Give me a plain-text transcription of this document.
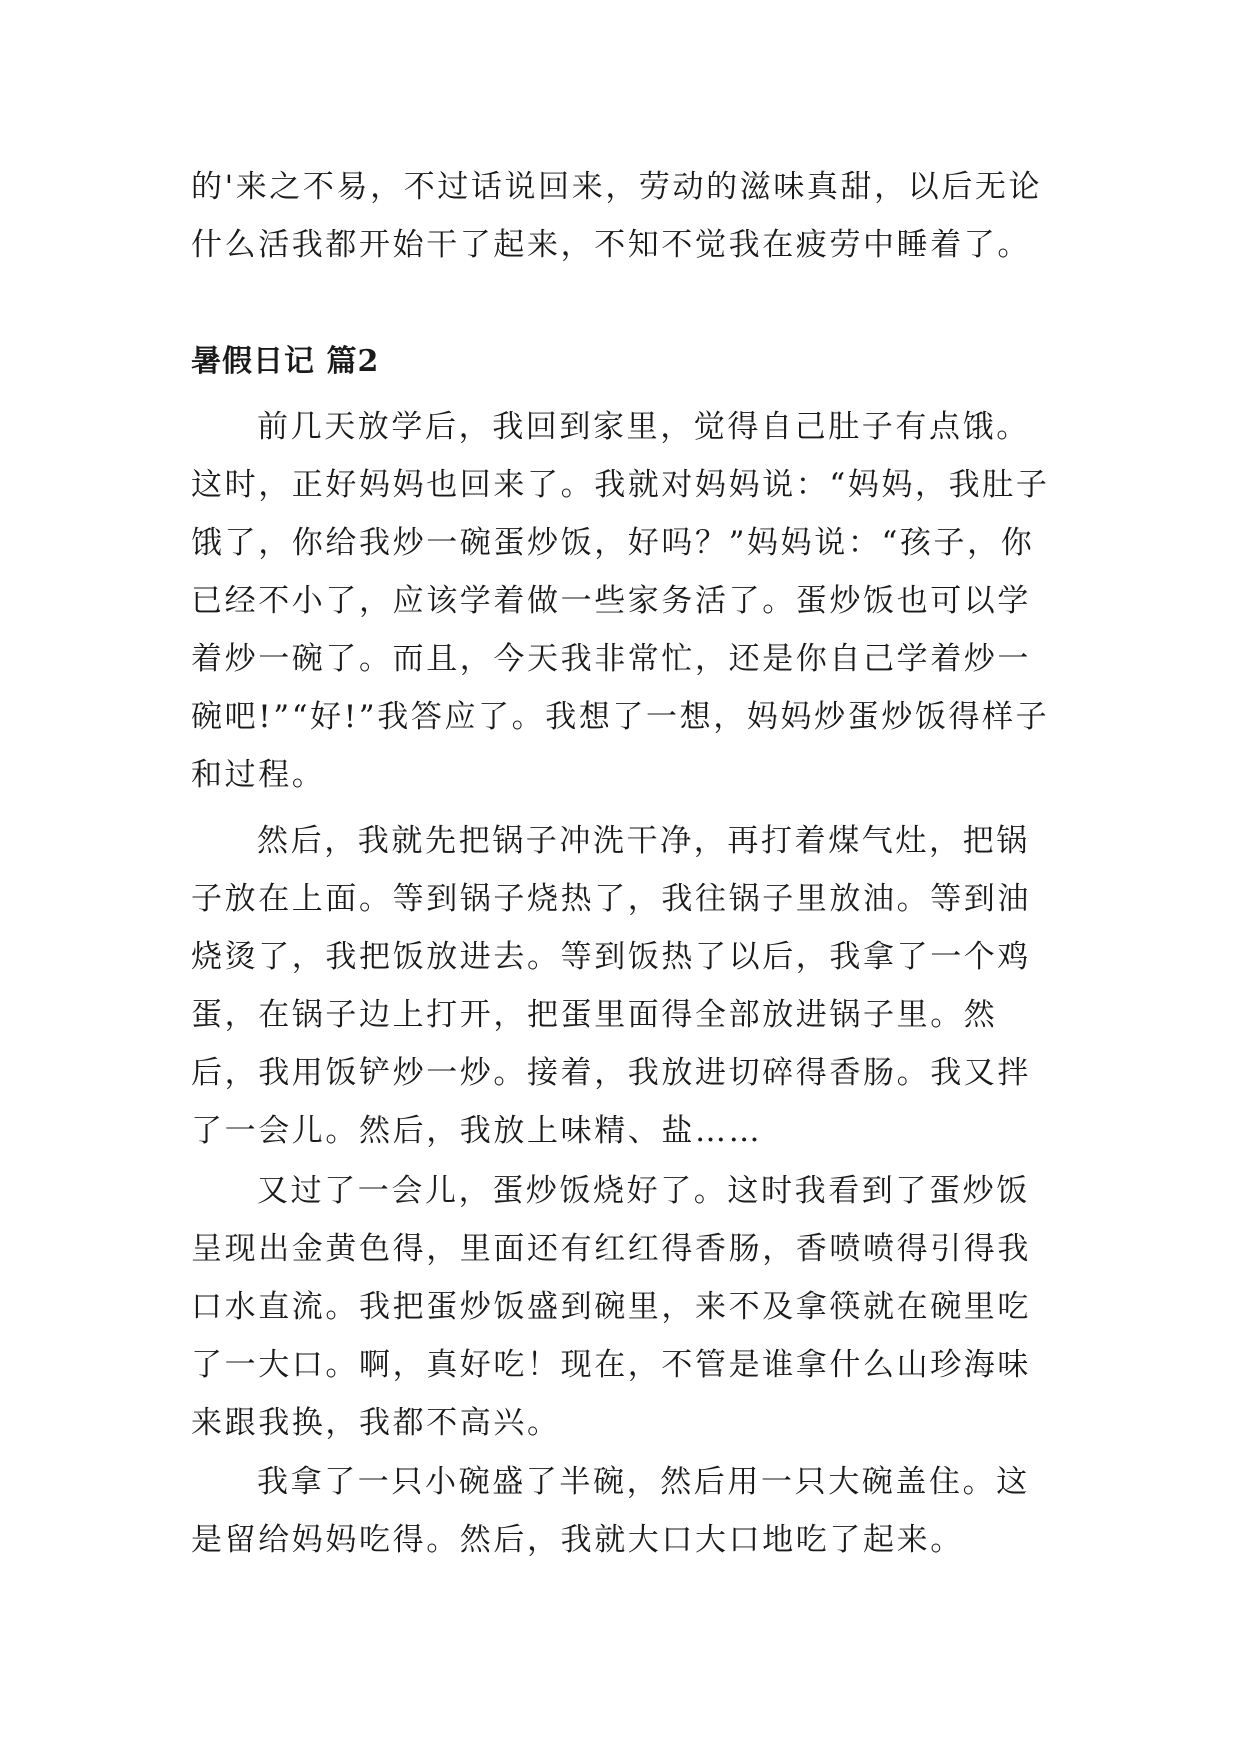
的'来之不易，不过话说回来，劳动的滋味真甜，以后无论什么活我都开始干了起来，不知不觉我在疲劳中睡着了。

暑假日记 篇2

前几天放学后，我回到家里，觉得自己肚子有点饿。这时，正好妈妈也回来了。我就对妈妈说：“妈妈，我肚子饿了，你给我炒一碗蛋炒饭，好吗？”妈妈说：“孩子，你已经不小了，应该学着做一些家务活了。蛋炒饭也可以学着炒一碗了。而且，今天我非常忙，还是你自己学着炒一碗吧!”“好!”我答应了。我想了一想，妈妈炒蛋炒饭得样子和过程。

然后，我就先把锅子冲洗干净，再打着煤气灶，把锅子放在上面。等到锅子烧热了，我往锅子里放油。等到油烧烫了，我把饭放进去。等到饭热了以后，我拿了一个鸡蛋，在锅子边上打开，把蛋里面得全部放进锅子里。然后，我用饭铲炒一炒。接着，我放进切碎得香肠。我又拌了一会儿。然后，我放上味精、盐……

又过了一会儿，蛋炒饭烧好了。这时我看到了蛋炒饭呈现出金黄色得，里面还有红红得香肠，香喷喷得引得我口水直流。我把蛋炒饭盛到碗里，来不及拿筷就在碗里吃了一大口。啊，真好吃！现在，不管是谁拿什么山珍海味来跟我换，我都不高兴。

我拿了一只小碗盛了半碗，然后用一只大碗盖住。这是留给妈妈吃得。然后，我就大口大口地吃了起来。
